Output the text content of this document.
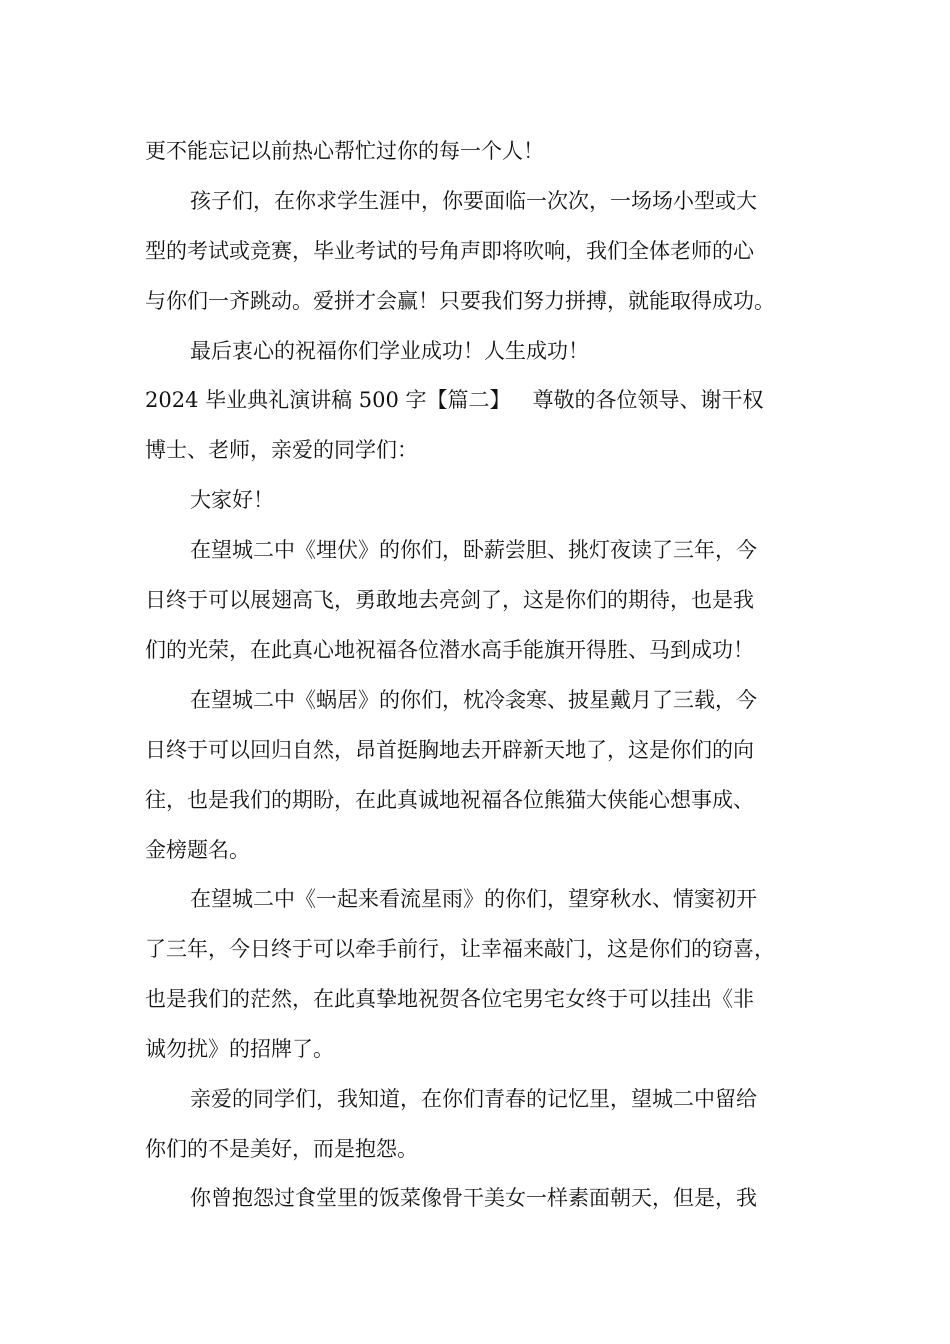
更不能忘记以前热心帮忙过你的每一个人！
孩子们，在你求学生涯中，你要面临一次次，一场场小型或大
型的考试或竞赛，毕业考试的号角声即将吹响，我们全体老师的心
与你们一齐跳动。爱拼才会赢！只要我们努力拼搏，就能取得成功。
最后衷心的祝福你们学业成功！人生成功！
2024 毕业典礼演讲稿 500 字【篇二】 尊敬的各位领导、谢干权
博士、老师，亲爱的同学们：
大家好！
在望城二中《埋伏》的你们，卧薪尝胆、挑灯夜读了三年，今
日终于可以展翅高飞，勇敢地去亮剑了，这是你们的期待，也是我
们的光荣，在此真心地祝福各位潜水高手能旗开得胜、马到成功！
在望城二中《蜗居》的你们，枕冷衾寒、披星戴月了三载，今
日终于可以回归自然，昂首挺胸地去开辟新天地了，这是你们的向
往，也是我们的期盼，在此真诚地祝福各位熊猫大侠能心想事成、
金榜题名。
在望城二中《一起来看流星雨》的你们，望穿秋水、情窦初开
了三年，今日终于可以牵手前行，让幸福来敲门，这是你们的窃喜，
也是我们的茫然，在此真挚地祝贺各位宅男宅女终于可以挂出《非
诚勿扰》的招牌了。
亲爱的同学们，我知道，在你们青春的记忆里，望城二中留给
你们的不是美好，而是抱怨。
你曾抱怨过食堂里的饭菜像骨干美女一样素面朝天，但是，我
